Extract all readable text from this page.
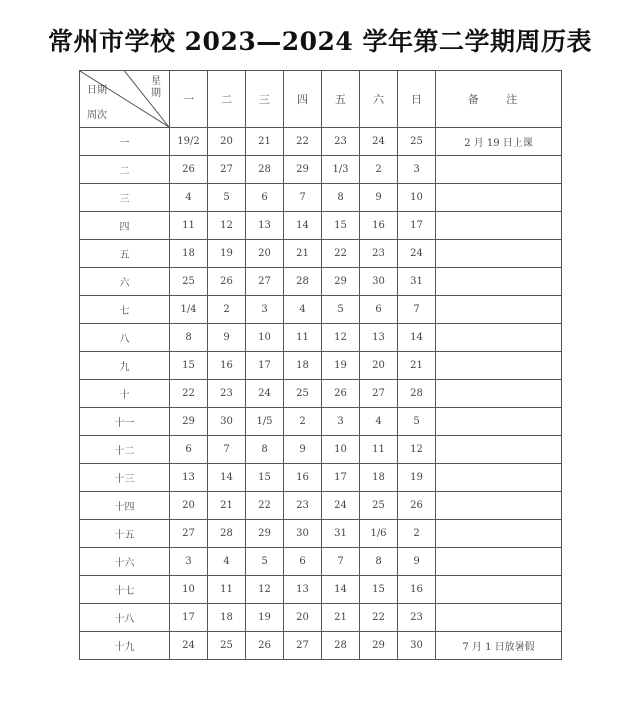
常州市学校 2023—2024 学年第二学期周历表
星期
日期
周次	一	二	三	四	五	六	日	备 注
一	19/2	20	21	22	23	24	25	2 月 19 日上课
二	26	27	28	29	1/3	2	3	
三	4	5	6	7	8	9	10	
四	11	12	13	14	15	16	17	
五	18	19	20	21	22	23	24	
六	25	26	27	28	29	30	31	
七	1/4	2	3	4	5	6	7	
八	8	9	10	11	12	13	14	
九	15	16	17	18	19	20	21	
十	22	23	24	25	26	27	28	
十一	29	30	1/5	2	3	4	5	
十二	6	7	8	9	10	11	12	
十三	13	14	15	16	17	18	19	
十四	20	21	22	23	24	25	26	
十五	27	28	29	30	31	1/6	2	
十六	3	4	5	6	7	8	9	
十七	10	11	12	13	14	15	16	
十八	17	18	19	20	21	22	23	
十九	24	25	26	27	28	29	30	7 月 1 日放暑假
